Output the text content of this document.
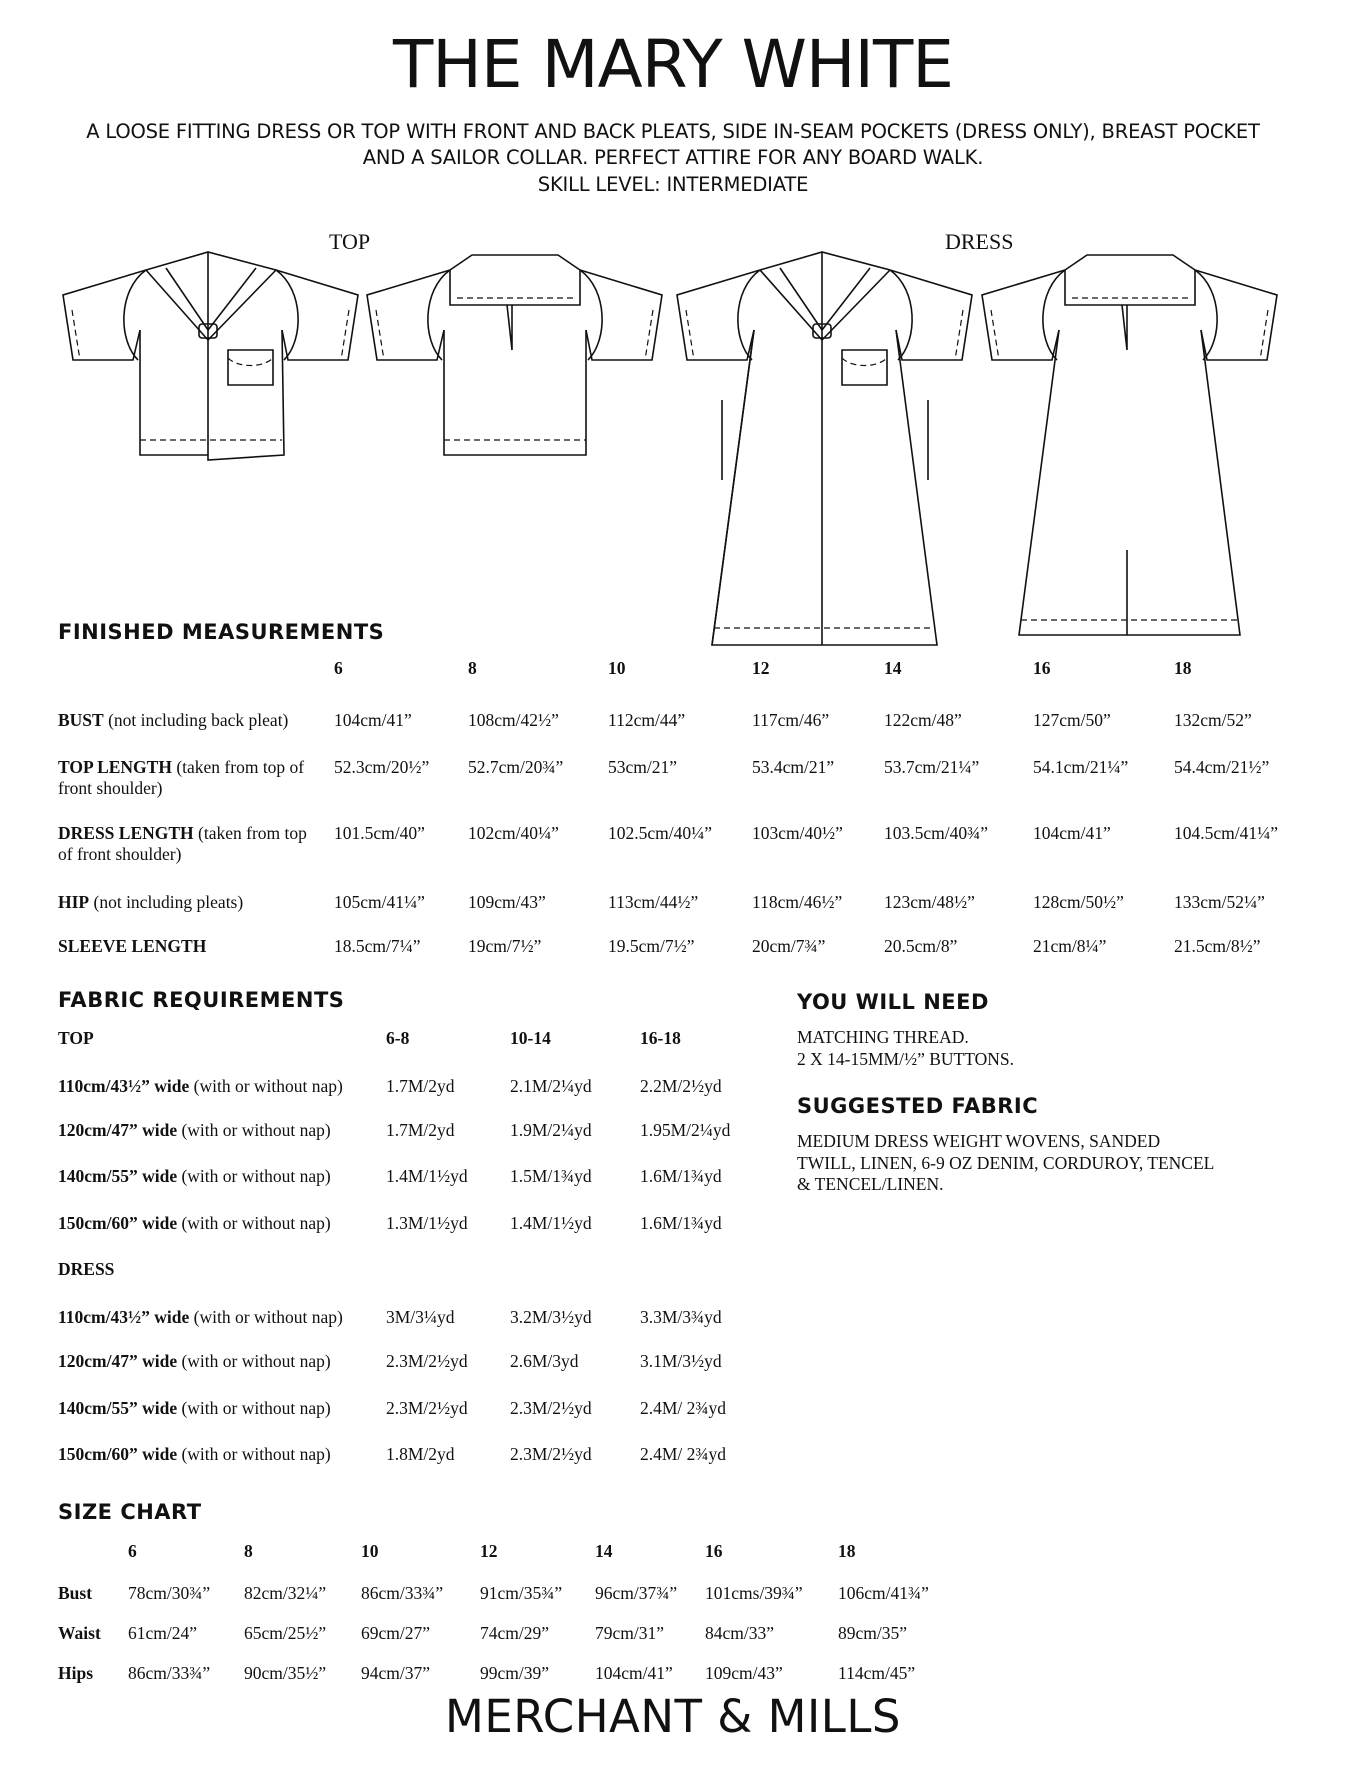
THE MARY WHITE
A LOOSE FITTING DRESS OR TOP WITH FRONT AND BACK PLEATS, SIDE IN-SEAM POCKETS (DRESS ONLY), BREAST POCKET
AND A SAILOR COLLAR. PERFECT ATTIRE FOR ANY BOARD WALK.
SKILL LEVEL: INTERMEDIATE
TOP	DRESS
FINISHED MEASUREMENTS
6	8	10	12	14	16	18
BUST (not including back pleat)	104cm/41”	108cm/42½”	112cm/44”	117cm/46”	122cm/48”	127cm/50”	132cm/52”
TOP LENGTH (taken from top of front shoulder)
52.3cm/20½” 52.7cm/20¾”	53cm/21”	53.4cm/21”	53.7cm/21¼”	54.1cm/21¼”	54.4cm/21½”
DRESS LENGTH (taken from top of front shoulder)
101.5cm/40” 102cm/40¼”	102.5cm/40¼” 103cm/40½” 103.5cm/40¾”	104cm/41”	104.5cm/41¼”
HIP (not including pleats)	105cm/41¼” 109cm/43”	113cm/44½”	118cm/46½” 123cm/48½”	128cm/50½”	133cm/52¼”
SLEEVE LENGTH	18.5cm/7¼”	19cm/7½”	19.5cm/7½”	20cm/7¾”	20.5cm/8”	21cm/8¼”	21.5cm/8½”
FABRIC REQUIREMENTS
TOP	6-8	10-14	16-18
110cm/43½” wide (with or without nap) 1.7M/2yd	2.1M/2¼yd	2.2M/2½yd
120cm/47” wide (with or without nap)	1.7M/2yd	1.9M/2¼yd	1.95M/2¼yd
140cm/55” wide (with or without nap)	1.4M/1½yd 1.5M/1¾yd	1.6M/1¾yd
150cm/60” wide (with or without nap)	1.3M/1½yd 1.4M/1½yd	1.6M/1¾yd
DRESS
110cm/43½” wide (with or without nap) 3M/3¼yd	3.2M/3½yd	3.3M/3¾yd
120cm/47” wide (with or without nap)	2.3M/2½yd 2.6M/3yd	3.1M/3½yd
140cm/55” wide (with or without nap)	2.3M/2½yd 2.3M/2½yd	2.4M/ 2¾yd
150cm/60” wide (with or without nap)	1.8M/2yd	2.3M/2½yd	2.4M/ 2¾yd
YOU WILL NEED
MATCHING THREAD.
2 X 14-15MM/½” BUTTONS.
SUGGESTED FABRIC
MEDIUM DRESS WEIGHT WOVENS, SANDED
TWILL, LINEN, 6-9 OZ DENIM, CORDUROY, TENCEL
& TENCEL/LINEN.
SIZE CHART
6	8	10	12	14	16	18
Bust 78cm/30¾” 82cm/32¼” 86cm/33¾” 91cm/35¾” 96cm/37¾” 101cms/39¾” 106cm/41¾”
Waist 61cm/24”	65cm/25½” 69cm/27”	74cm/29”	79cm/31” 84cm/33”	89cm/35”
Hips 86cm/33¾” 90cm/35½” 94cm/37”	99cm/39”	104cm/41” 109cm/43”	114cm/45”
MERCHANT & MILLS
